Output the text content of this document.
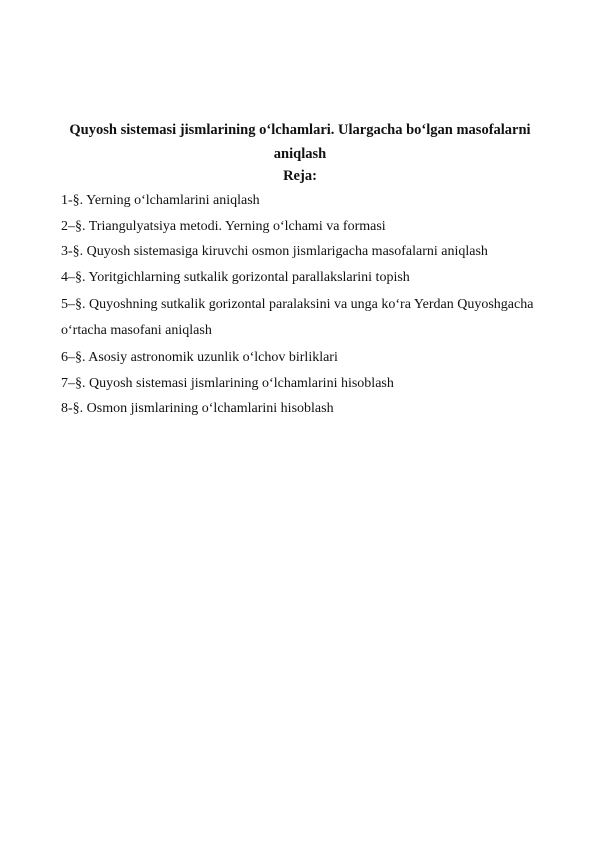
Quyosh sistemasi jismlarining o‘lchamlari. Ulargacha bo‘lgan masofalarni aniqlash

Reja:

1-§. Yerning o‘lchamlarini aniqlash
2–§. Triangulyatsiya metodi. Yerning o‘lchami va formasi
3-§. Quyosh sistemasiga kiruvchi osmon jismlarigacha masofalarni aniqlash
4–§. Yoritgichlarning sutkalik gorizontal parallakslarini topish
5–§. Quyoshning sutkalik gorizontal paralaksini va unga ko‘ra Yerdan Quyoshgacha o‘rtacha masofani aniqlash
6–§. Asosiy astronomik uzunlik o‘lchov birliklari
7–§. Quyosh sistemasi jismlarining o‘lchamlarini hisoblash
8-§. Osmon jismlarining o‘lchamlarini hisoblash
